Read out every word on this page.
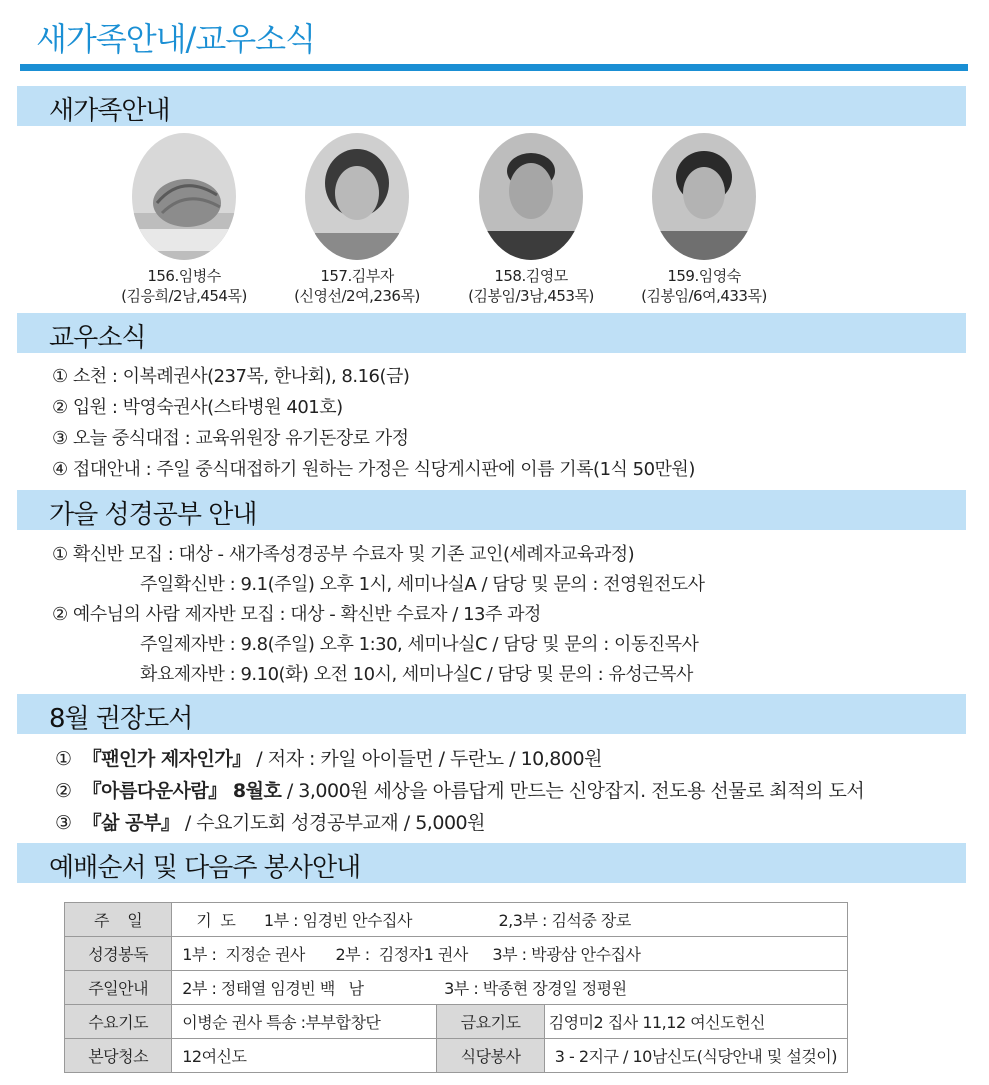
새가족안내/교우소식
새가족안내
156.임병수
(김응희/2남,454목)
157.김부자
(신영선/2여,236목)
158.김영모
(김봉임/3남,453목)
159.임영숙
(김봉임/6여,433목)
교우소식
① 소천 : 이복례권사(237목, 한나회), 8.16(금)
② 입원 : 박영숙권사(스타병원 401호)
③ 오늘 중식대접 : 교육위원장 유기돈장로 가정
④ 접대안내 : 주일 중식대접하기 원하는 가정은 식당게시판에 이름 기록(1식 50만원)
가을 성경공부 안내
① 확신반 모집 : 대상 - 새가족성경공부 수료자 및 기존 교인(세례자교육과정)
주일확신반 : 9.1(주일) 오후 1시, 세미나실A / 담당 및 문의 : 전영원전도사
② 예수님의 사람 제자반 모집 : 대상 - 확신반 수료자 / 13주 과정
주일제자반 : 9.8(주일) 오후 1:30, 세미나실C / 담당 및 문의 : 이동진목사
화요제자반 : 9.10(화) 오전 10시, 세미나실C / 담당 및 문의 : 유성근목사
8월 권장도서
① 『팬인가 제자인가』 / 저자 : 카일 아이들먼 / 두란노 / 10,800원
② 『아름다운사람』 8월호 / 3,000원 세상을 아름답게 만드는 신앙잡지. 전도용 선물로 최적의 도서
③ 『삶 공부』 / 수요기도회 성경공부교재 / 5,000원
예배순서 및 다음주 봉사안내
주    일	기  도 1부 : 임경빈 안수집사 2,3부 : 김석중 장로		
성경봉독	1부 :  지정순 권사 2부 :  김정자1 권사 3부 : 박광삼 안수집사		
주일안내	2부 : 정태열 임경빈 백   남 3부 : 박종현 장경일 정평원		
수요기도	이병순 권사 특송 :부부합창단	금요기도	김영미2 집사 11,12 여신도헌신
본당청소	12여신도	식당봉사	3 - 2지구 / 10남신도(식당안내 및 설겆이)
